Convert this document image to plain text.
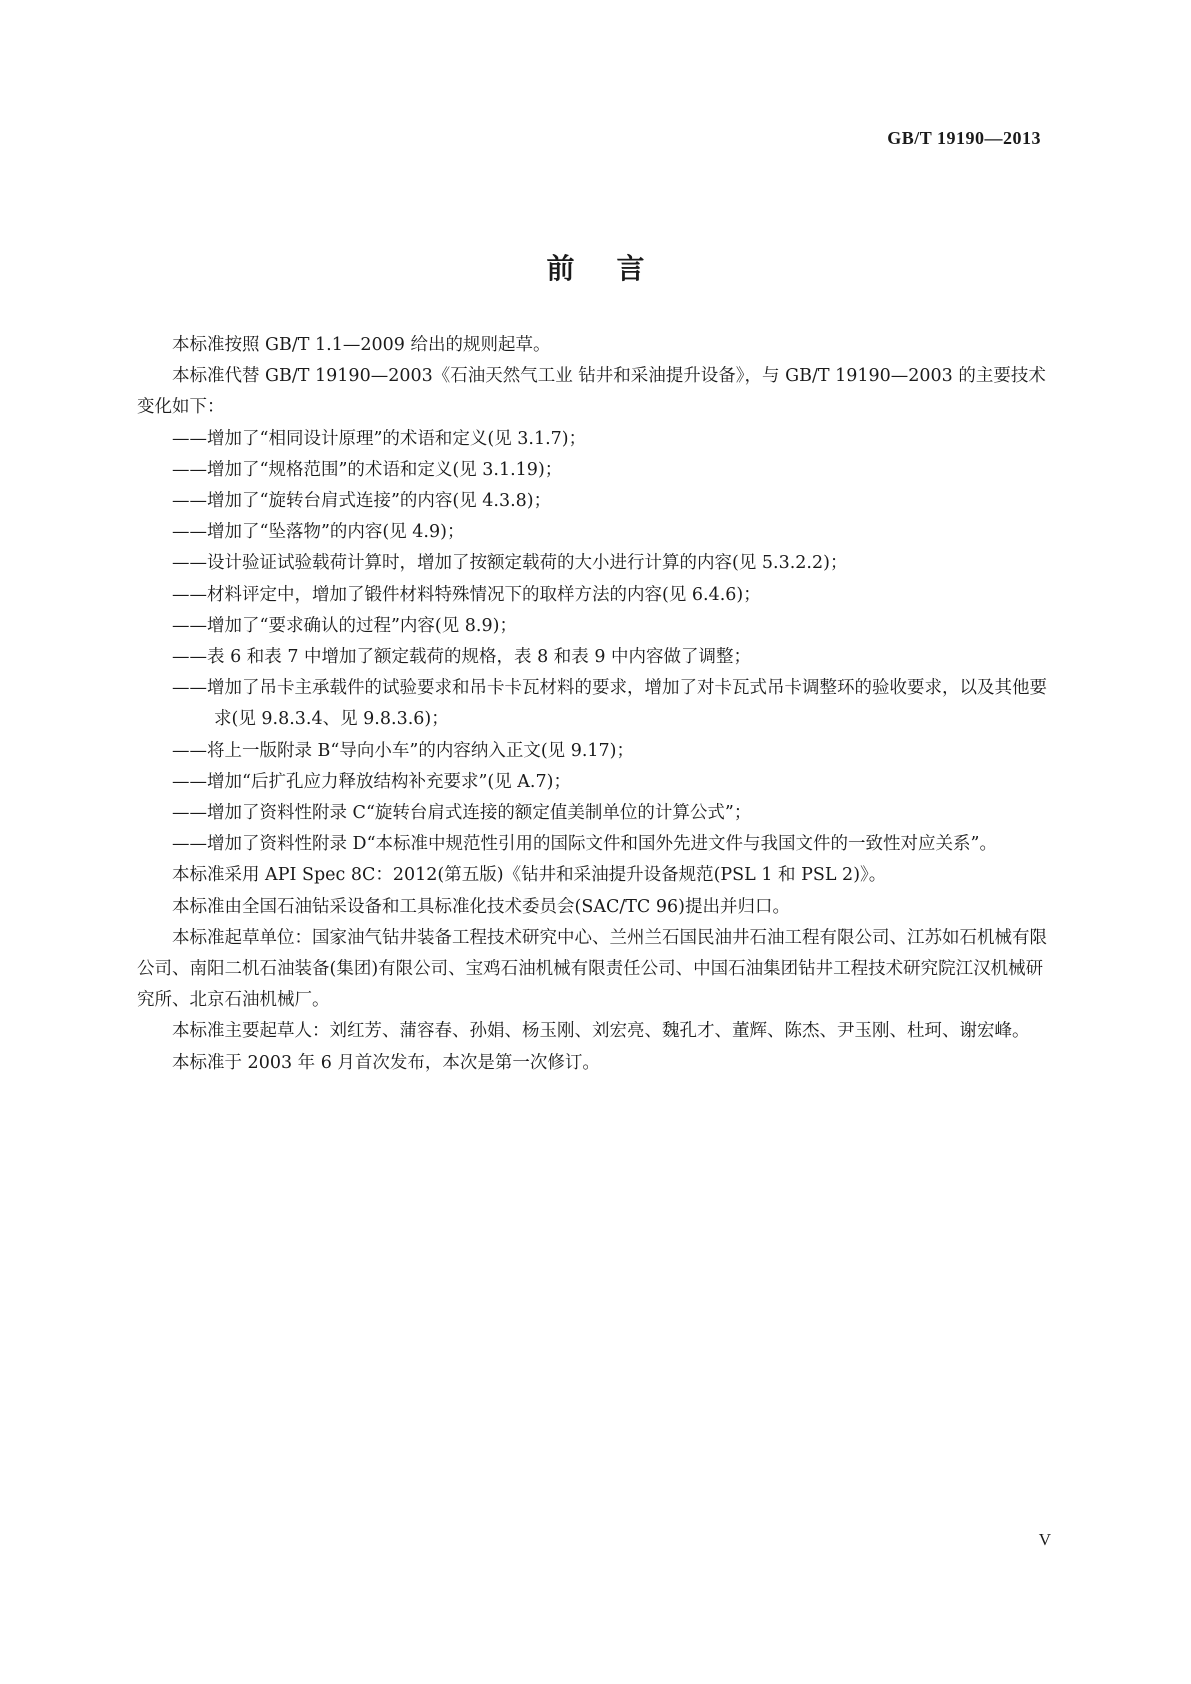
GB/T 19190—2013
前言

本标准按照 GB/T 1.1—2009 给出的规则起草。

本标准代替 GB/T 19190—2003《石油天然气工业 钻井和采油提升设备》，与 GB/T 19190—2003 的主要技术变化如下：

——增加了“相同设计原理”的术语和定义(见 3.1.7)；

——增加了“规格范围”的术语和定义(见 3.1.19)；

——增加了“旋转台肩式连接”的内容(见 4.3.8)；

——增加了“坠落物”的内容(见 4.9)；

——设计验证试验载荷计算时，增加了按额定载荷的大小进行计算的内容(见 5.3.2.2)；

——材料评定中，增加了锻件材料特殊情况下的取样方法的内容(见 6.4.6)；

——增加了“要求确认的过程”内容(见 8.9)；

——表 6 和表 7 中增加了额定载荷的规格，表 8 和表 9 中内容做了调整；

——增加了吊卡主承载件的试验要求和吊卡卡瓦材料的要求，增加了对卡瓦式吊卡调整环的验收要求，以及其他要求(见 9.8.3.4、见 9.8.3.6)；

——将上一版附录 B“导向小车”的内容纳入正文(见 9.17)；

——增加“后扩孔应力释放结构补充要求”(见 A.7)；

——增加了资料性附录 C“旋转台肩式连接的额定值美制单位的计算公式”；

——增加了资料性附录 D“本标准中规范性引用的国际文件和国外先进文件与我国文件的一致性对应关系”。

本标准采用 API Spec 8C：2012(第五版)《钻井和采油提升设备规范(PSL 1 和 PSL 2)》。

本标准由全国石油钻采设备和工具标准化技术委员会(SAC/TC 96)提出并归口。

本标准起草单位：国家油气钻井装备工程技术研究中心、兰州兰石国民油井石油工程有限公司、江苏如石机械有限公司、南阳二机石油装备(集团)有限公司、宝鸡石油机械有限责任公司、中国石油集团钻井工程技术研究院江汉机械研究所、北京石油机械厂。

本标准主要起草人：刘红芳、蒲容春、孙娟、杨玉刚、刘宏亮、魏孔才、董辉、陈杰、尹玉刚、杜珂、谢宏峰。

本标准于 2003 年 6 月首次发布，本次是第一次修订。

V
